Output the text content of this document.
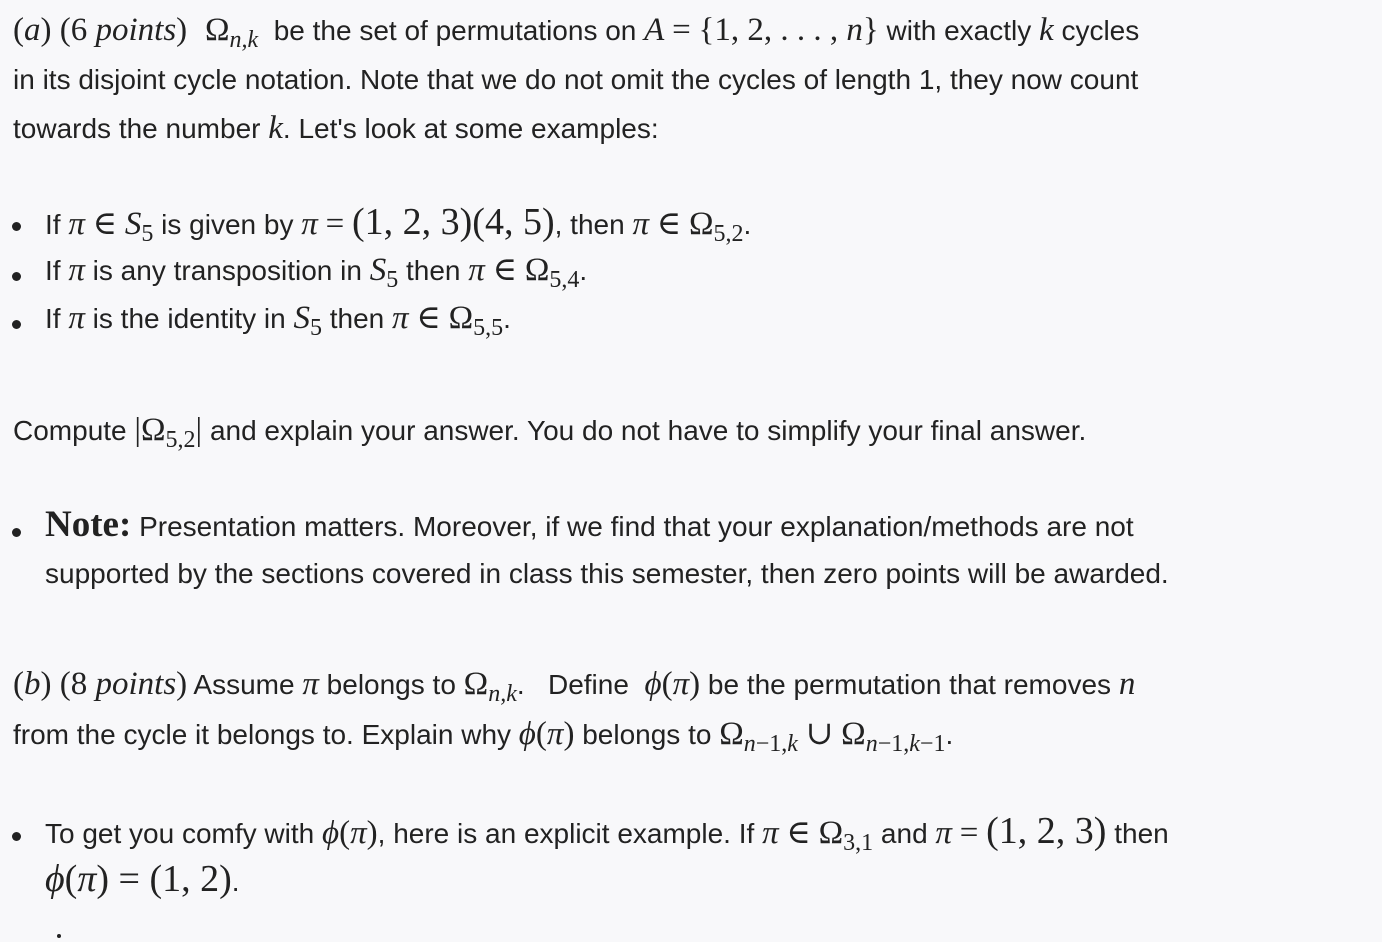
(a) (6 points) $\Omega_{n,k}$ be the set of permutations on A = {1, 2, . . . , n} with exactly k cycles
in its disjoint cycle notation. Note that we do not omit the cycles of length 1, they now count
towards the number k. Let's look at some examples:
If π ∈ S5 is given by π = (1, 2, 3)(4, 5), then π ∈ Ω5,2.
If π is any transposition in S5 then π ∈ Ω5,4.
If π is the identity in S5 then π ∈ Ω5,5.
Compute |Ω5,2| and explain your answer. You do not have to simplify your final answer.
Note: Presentation matters. Moreover, if we find that your explanation/methods are not
supported by the sections covered in class this semester, then zero points will be awarded.
(b) (8 points) Assume π belongs to Ωn,k.   Define ϕ(π) be the permutation that removes n
from the cycle it belongs to. Explain why ϕ(π) belongs to Ωn−1,k ∪ Ωn−1,k−1.
To get you comfy with ϕ(π), here is an explicit example. If π ∈ Ω3,1 and π = (1, 2, 3) then
ϕ(π) = (1, 2).
